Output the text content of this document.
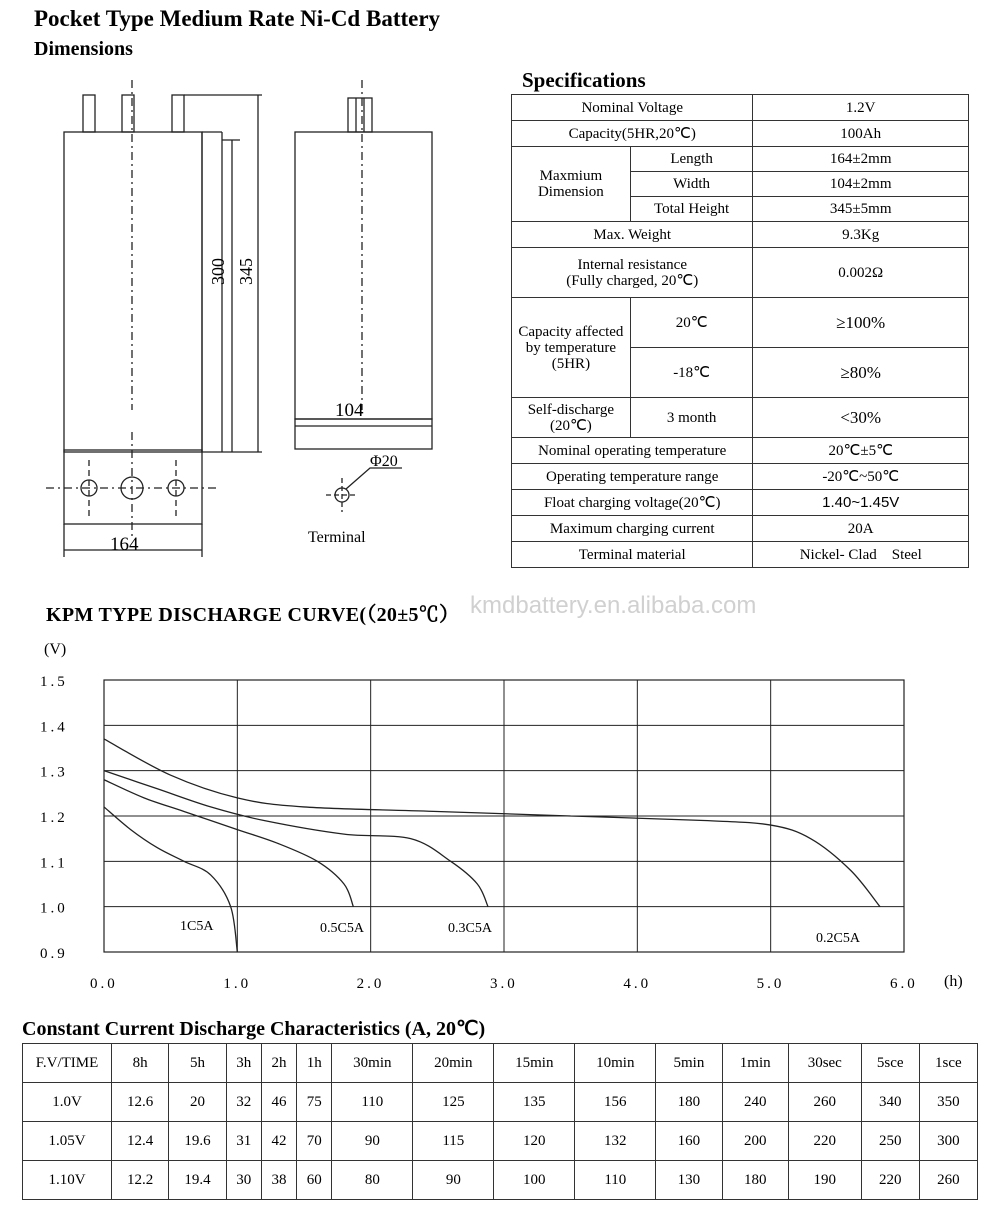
Pocket Type Medium Rate Ni-Cd Battery
Dimensions
300 345
104
164
Φ20
Terminal
Specifications
Nominal Voltage		1.2V
Capacity(5HR,20℃)		100Ah
Maxmium Dimension	Length	164±2mm
	Width	104±2mm
	Total Height	345±5mm
Max. Weight		9.3Kg

Internal resistance
(Fully charged, 20℃)		0.002Ω
Capacity affected by temperature (5HR)	20℃	≥100%
	-18℃	≥80%

Self-discharge
(20℃)	3 month	<30%
Nominal operating temperature		20℃±5℃
Operating temperature range		-20℃~50℃
Float charging voltage(20℃)		1.40~1.45V
Maximum charging current		20A
Terminal material		Nickel- Clad    Steel
KPM TYPE DISCHARGE CURVE(（20±5℃） kmdbattery.en.alibaba.com
1.5
1.4
1.3
1.2
1.1
1.0
0.9
0.0	1.0	2.0	3.0	4.0	5.0	6.0
(V)
(h)
1C5A	0.5C5A	0.3C5A
0.2C5A
Constant Current Discharge Characteristics (A, 20℃)
F.V/TIME	8h	5h	3h	2h	1h	30min	20min	15min	10min	5min	1min	30sec	5sce	1sce
1.0V	12.6	20	32	46	75	110	125	135	156	180	240	260	340	350
1.05V	12.4	19.6	31	42	70	90	115	120	132	160	200	220	250	300
1.10V	12.2	19.4	30	38	60	80	90	100	110	130	180	190	220	260
